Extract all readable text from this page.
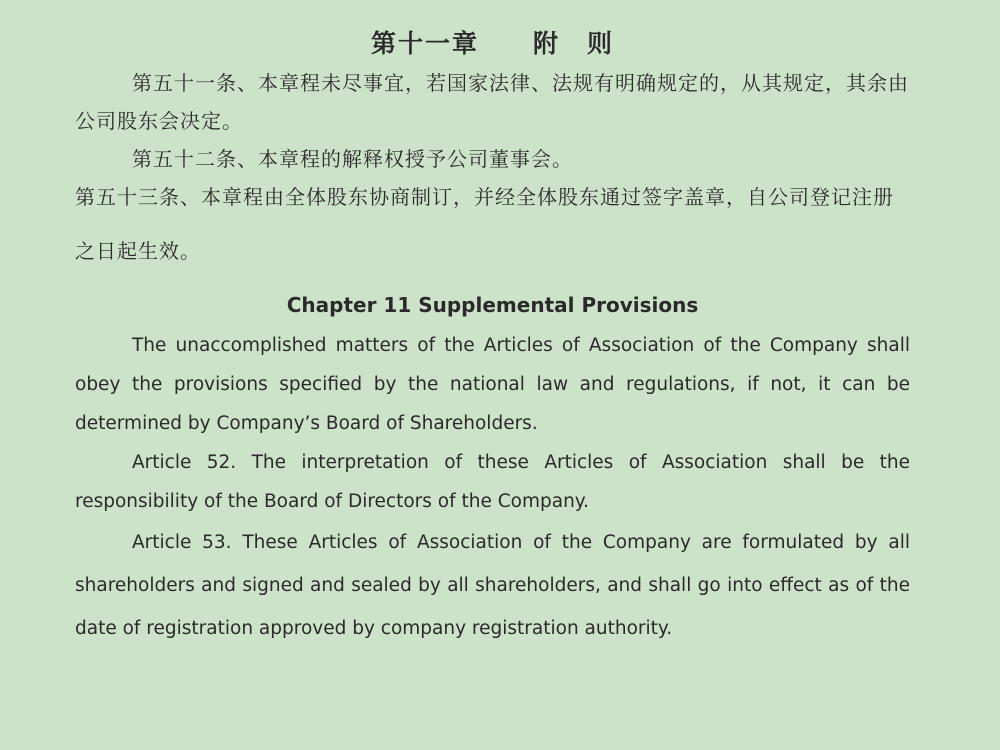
第十一章　　附　则

第五十一条、本章程未尽事宜，若国家法律、法规有明确规定的，从其规定，其余由公司股东会决定。

第五十二条、本章程的解释权授予公司董事会。

第五十三条、本章程由全体股东协商制订，并经全体股东通过签字盖章，自公司登记注册之日起生效。

Chapter 11 Supplemental Provisions

The unaccomplished matters of the Articles of Association of the Company shall obey the provisions specified by the national law and regulations, if not, it can be determined by Company’s Board of Shareholders.

Article 52. The interpretation of these Articles of Association shall be the responsibility of the Board of Directors of the Company.

Article 53. These Articles of Association of the Company are formulated by all shareholders and signed and sealed by all shareholders, and shall go into effect as of the date of registration approved by company registration authority.
